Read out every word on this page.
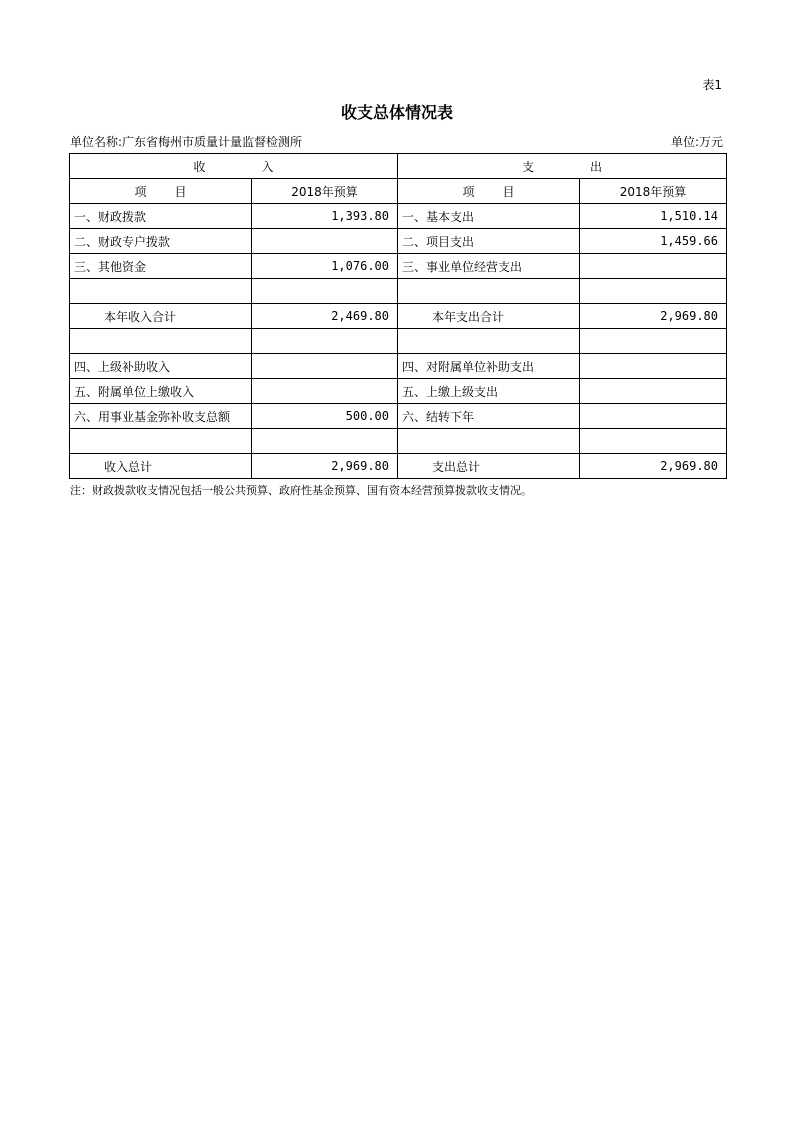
表1
收支总体情况表
单位名称:广东省梅州市质量计量监督检测所	单位:万元
收 入		支 出	
项 目	2018年预算	项 目	2018年预算
一、财政拨款	1,393.80	一、基本支出	1,510.14
二、财政专户拨款		二、项目支出	1,459.66
三、其他资金	1,076.00	三、事业单位经营支出	

本年收入合计	2,469.80	本年支出合计	2,969.80

四、上级补助收入		四、对附属单位补助支出	
五、附属单位上缴收入		五、上缴上级支出	
六、用事业基金弥补收支总额	500.00	六、结转下年	

收入总计	2,969.80	支出总计	2,969.80
注：财政拨款收支情况包括一般公共预算、政府性基金预算、国有资本经营预算拨款收支情况。
